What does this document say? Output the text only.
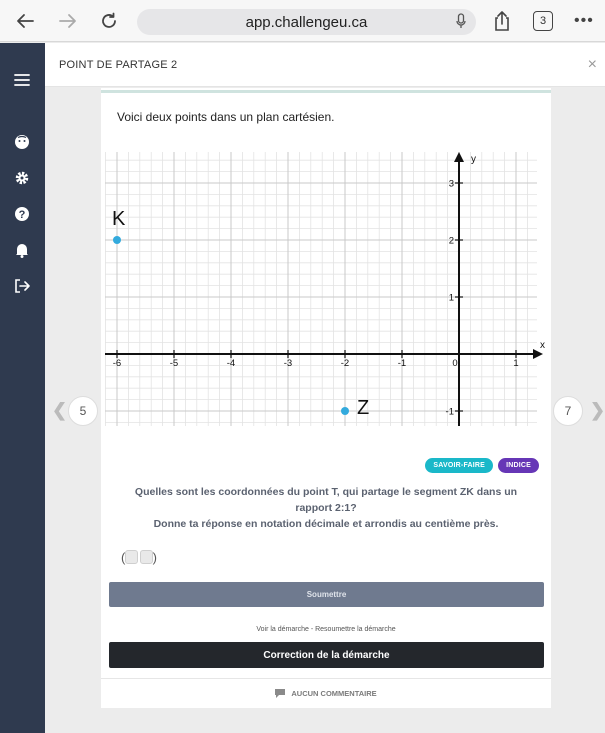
app.challengeu.ca	3	•••
?
POINT DE PARTAGE 2	×
❮	5	7	❯
Voici deux points dans un plan cartésien.
x
y
-6	-5	-4	-3	-2	-1	0	1
-1
1
2
3
K
Z
SAVOIR-FAIRE	INDICE
Quelles sont les coordonnées du point T, qui partage le segment ZK dans un rapport 2:1?
Donne ta réponse en notation décimale et arrondis au centième près.
( )
Soumettre
Voir la démarche - Resoumettre la démarche
Correction de la démarche
AUCUN COMMENTAIRE
